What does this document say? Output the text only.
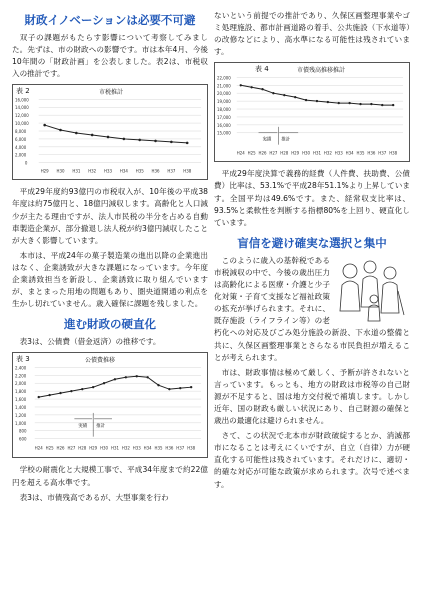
財政イノベーションは必要不可避

双子の課題がもたらす影響について考察してみました。先ずは、市の財政への影響です。市は本年4月、今後10年間の「財政計画」を公表しました。表2は、市税収入の推計です。

表 2	市税推計
16,000
14,000
12,000
10,000
8,000
6,000
4,000
2,000
0
H29 H30 H31 H32 H33 H34 H35 H36 H37 H38

平成29年度約93億円の市税収入が、10年後の平成38年度は約75億円と、18億円減収します。高齢化と人口減少が主たる理由ですが、法人市民税の半分を占める自動車製造企業が、部分撤退し法人税が約3億円減収したことが大きく影響しています。

本市は、平成24年の菓子製造業の進出以降の企業進出はなく、企業誘致が大きな課題になっています。今年度企業誘致担当を新設し、企業誘致に取り組んでいますが、まとまった用地の問題もあり、圏央道開通の利点を生かし切れていません。歳入確保に課題を残しました。

進む財政の硬直化

表3は、公債費（借金返済）の推移です。

表 3	公債費推移
2,400
2,200
2,000
1,800
1,600
1,400
1,200
1,000
800
600
実績 推計
H24 H25 H26 H27 H28 H29 H30 H31 H32 H33 H34 H35 H36 H37 H38

学校の耐震化と大規模工事で、平成34年度まで約22億円を超える高水準です。

表3は、市債残高であるが、大型事業を行わ

ないという前提での推計であり、久保区画整理事業やゴミ処理施設、都市計画道路の着手、公共施設（下水道等）の改修などにより、高水準になる可能性は残されています。

表 4	市債残高推移推計
22,000
21,000
20,000
19,000
18,000
17,000
16,000
15,000
実績 推計
H24 H25 H26 H27 H28 H29 H30 H31 H32 H33 H34 H35 H36 H37 H38

平成29年度決算で義務的経費（人件費、扶助費、公債費）比率は、53.1%で平成28年51.1%より上昇しています。全国平均は49.6%です。また、経常収支比率は、93.5%と柔軟性を判断する指標80%を上回り、硬直化しています。

盲信を避け確実な選択と集中

このように歳入の基幹税である市税減収の中で、今後の歳出圧力は高齢化による医療・介護と少子化対策・子育て支援など福祉政策の拡充が挙げられます。それに、既存施設（ライフライン等）の老朽化への対応及びごみ処分施設の新設、下水道の整備と共に、久保区画整理事業とさらなる市民負担が増えることが考えられます。

市は、財政事情は極めて厳しく、予断が許されないと言っています。もっとも、地方の財政は市税等の自己財源が不足すると、国は地方交付税で補填します。しかし近年、国の財政も厳しい状況にあり、自己財源の確保と歳出の最適化は避けられません。

さて、この状況で北本市が財政破綻するとか、消滅都市になることは考えにくいですが、自立（自律）力が硬直化する可能性は残されています。それだけに、適切・的確な対応が可能な政策が求められます。次号で述べます。
